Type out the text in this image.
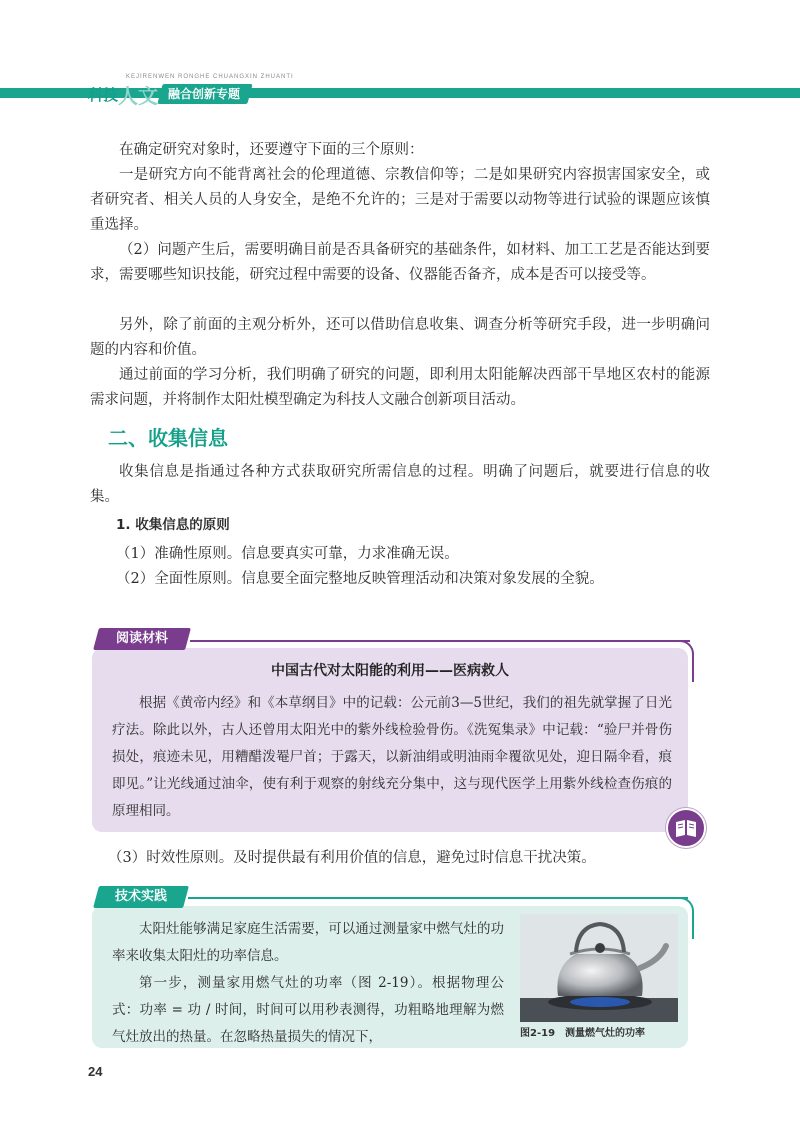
KEJIRENWEN RONGHE CHUANGXIN ZHUANTI
科技 人文 融合创新专题
在确定研究对象时，还要遵守下面的三个原则：
一是研究方向不能背离社会的伦理道德、宗教信仰等；二是如果研究内容损害国家安全，或者研究者、相关人员的人身安全，是绝不允许的；三是对于需要以动物等进行试验的课题应该慎重选择。
（2）问题产生后，需要明确目前是否具备研究的基础条件，如材料、加工工艺是否能达到要求，需要哪些知识技能，研究过程中需要的设备、仪器能否备齐，成本是否可以接受等。
另外，除了前面的主观分析外，还可以借助信息收集、调查分析等研究手段，进一步明确问题的内容和价值。
通过前面的学习分析，我们明确了研究的问题，即利用太阳能解决西部干旱地区农村的能源需求问题，并将制作太阳灶模型确定为科技人文融合创新项目活动。
二、收集信息
收集信息是指通过各种方式获取研究所需信息的过程。明确了问题后，就要进行信息的收集。
1. 收集信息的原则
（1）准确性原则。信息要真实可靠，力求准确无误。
（2）全面性原则。信息要全面完整地反映管理活动和决策对象发展的全貌。
阅读材料
中国古代对太阳能的利用——医病救人
根据《黄帝内经》和《本草纲目》中的记载：公元前3—5世纪，我们的祖先就掌握了日光疗法。除此以外，古人还曾用太阳光中的紫外线检验骨伤。《洗冤集录》中记载：“验尸并骨伤损处，痕迹未见，用糟醋泼罨尸首；于露天，以新油绢或明油雨伞覆欲见处，迎日隔伞看，痕即见。”让光线通过油伞，使有利于观察的射线充分集中，这与现代医学上用紫外线检查伤痕的原理相同。
（3）时效性原则。及时提供最有利用价值的信息，避免过时信息干扰决策。
技术实践
太阳灶能够满足家庭生活需要，可以通过测量家中燃气灶的功率来收集太阳灶的功率信息。
第一步，测量家用燃气灶的功率（图 2-19）。根据物理公式：功率 = 功 / 时间，时间可以用秒表测得，功粗略地理解为燃气灶放出的热量。在忽略热量损失的情况下，	图2-19　测量燃气灶的功率
24
